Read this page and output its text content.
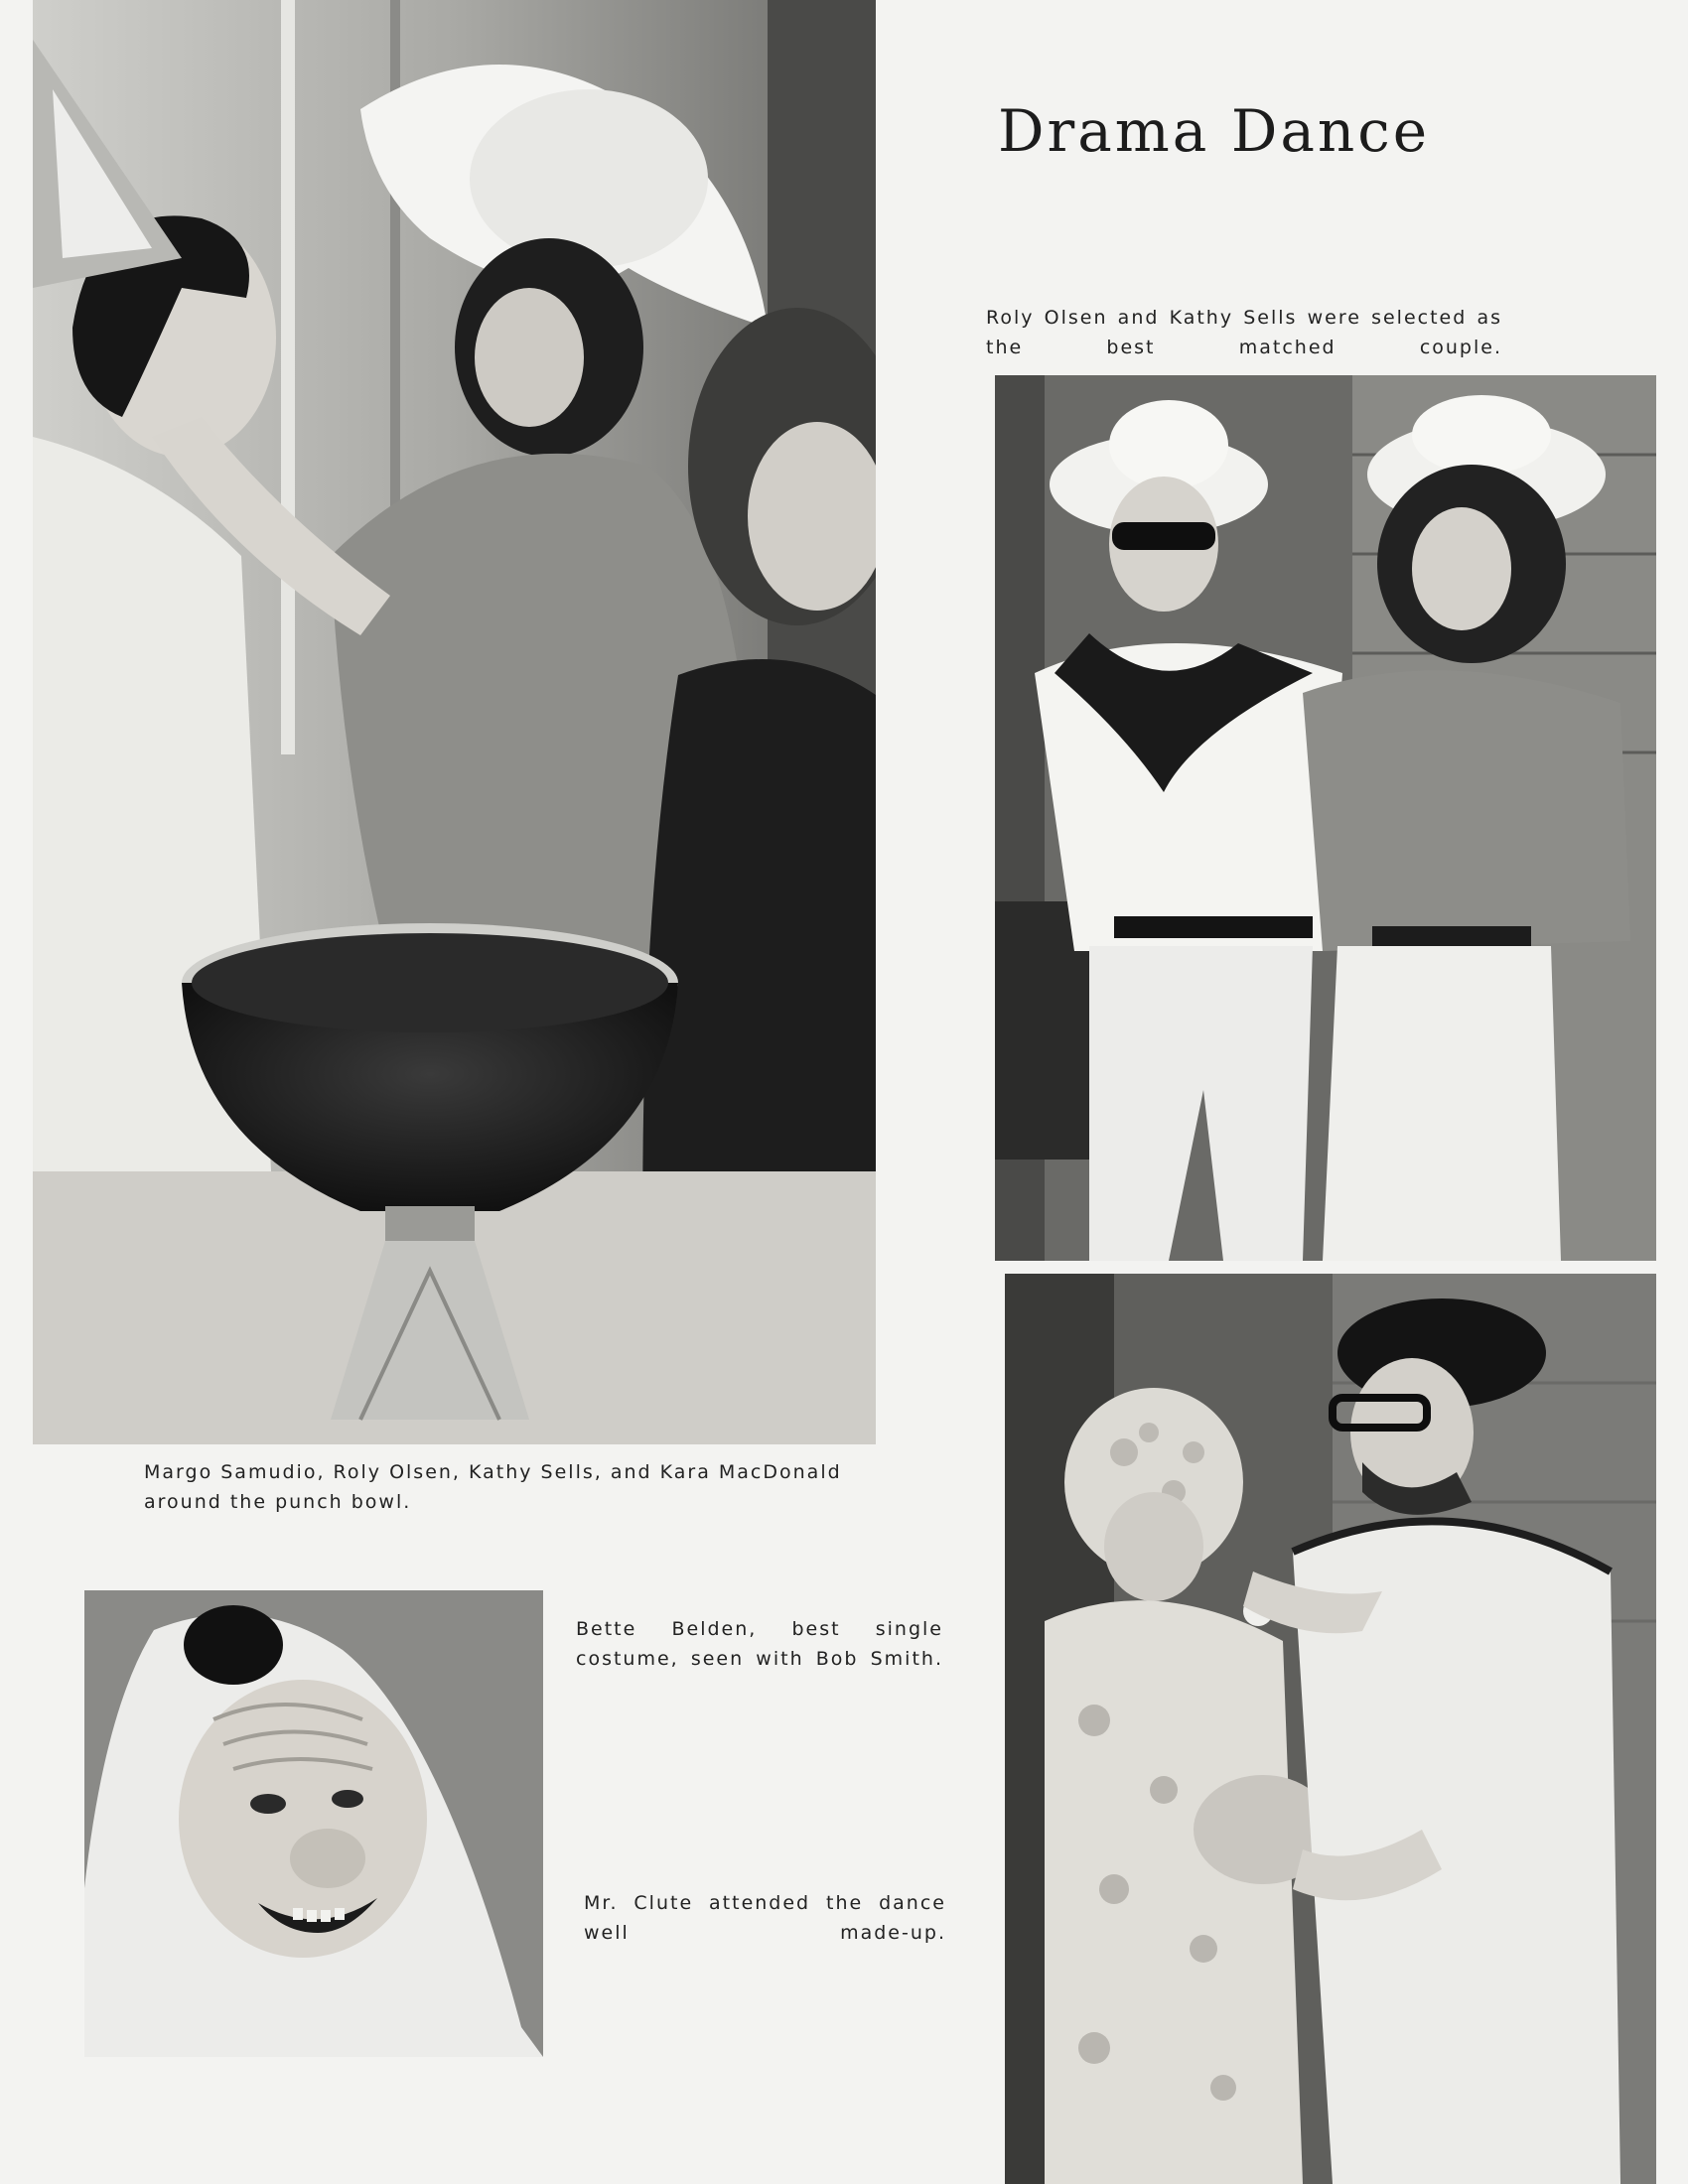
Margo Samudio, Roly Olsen, Kathy Sells, and Kara MacDonald around the punch bowl.

Drama Dance

Roly Olsen and Kathy Sells were selected as the best matched couple.

Bette Belden, best single costume, seen with Bob Smith.

Mr. Clute attended the dance well made-up.
